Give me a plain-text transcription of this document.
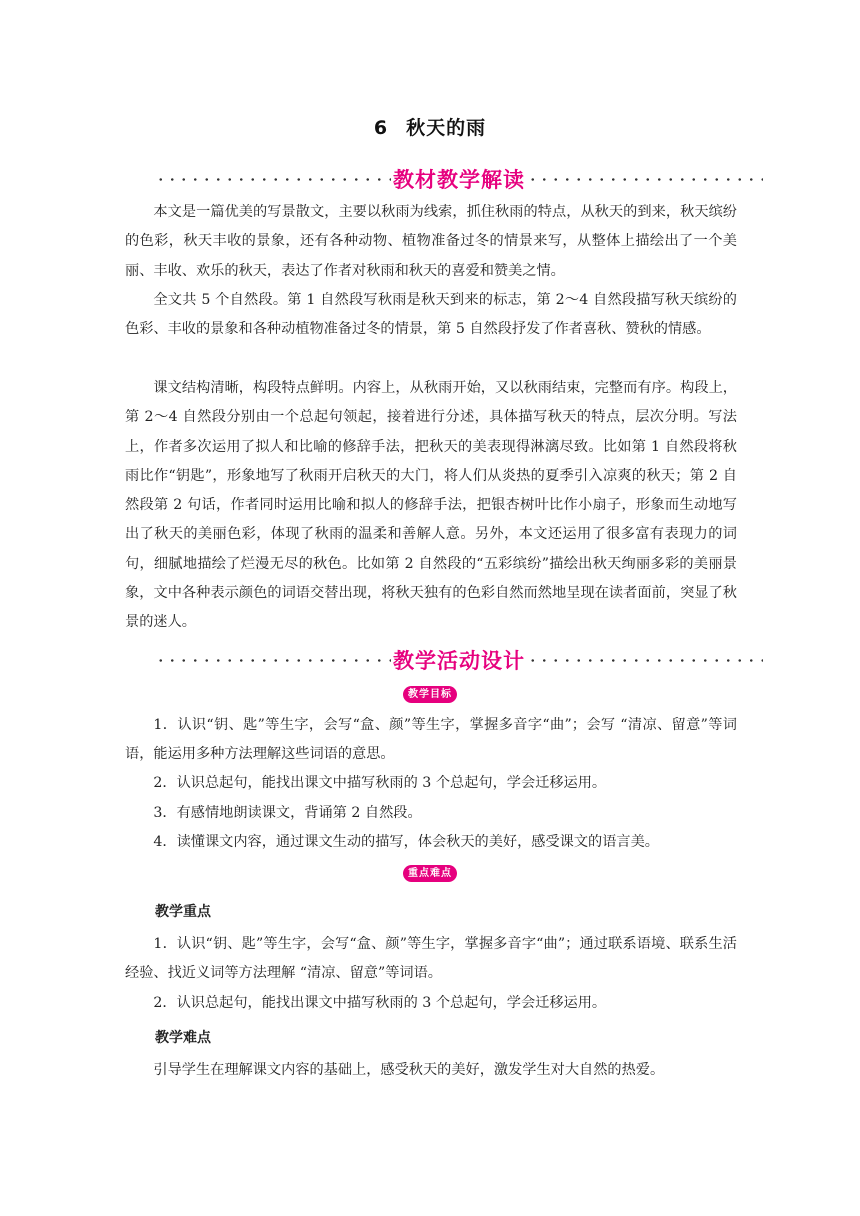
6 秋天的雨
教材教学解读

本文是一篇优美的写景散文，主要以秋雨为线索，抓住秋雨的特点，从秋天的到来，秋天缤纷的色彩，秋天丰收的景象，还有各种动物、植物准备过冬的情景来写，从整体上描绘出了一个美丽、丰收、欢乐的秋天，表达了作者对秋雨和秋天的喜爱和赞美之情。

全文共 5 个自然段。第 1 自然段写秋雨是秋天到来的标志，第 2～4 自然段描写秋天缤纷的色彩、丰收的景象和各种动植物准备过冬的情景，第 5 自然段抒发了作者喜秋、赞秋的情感。

课文结构清晰，构段特点鲜明。内容上，从秋雨开始，又以秋雨结束，完整而有序。构段上，第 2～4 自然段分别由一个总起句领起，接着进行分述，具体描写秋天的特点，层次分明。写法上，作者多次运用了拟人和比喻的修辞手法，把秋天的美表现得淋漓尽致。比如第 1 自然段将秋雨比作“钥匙”，形象地写了秋雨开启秋天的大门，将人们从炎热的夏季引入凉爽的秋天；第 2 自然段第 2 句话，作者同时运用比喻和拟人的修辞手法，把银杏树叶比作小扇子，形象而生动地写出了秋天的美丽色彩，体现了秋雨的温柔和善解人意。另外，本文还运用了很多富有表现力的词句，细腻地描绘了烂漫无尽的秋色。比如第 2 自然段的“五彩缤纷”描绘出秋天绚丽多彩的美丽景象，文中各种表示颜色的词语交替出现，将秋天独有的色彩自然而然地呈现在读者面前，突显了秋景的迷人。

教学活动设计
教学目标

1．认识“钥、匙”等生字，会写“盒、颜”等生字，掌握多音字“曲”；会写 “清凉、留意”等词语，能运用多种方法理解这些词语的意思。

2．认识总起句，能找出课文中描写秋雨的 3 个总起句，学会迁移运用。

3．有感情地朗读课文，背诵第 2 自然段。

4．读懂课文内容，通过课文生动的描写，体会秋天的美好，感受课文的语言美。

重点难点
教学重点

1．认识“钥、匙”等生字，会写“盒、颜”等生字，掌握多音字“曲”；通过联系语境、联系生活经验、找近义词等方法理解 “清凉、留意”等词语。

2．认识总起句，能找出课文中描写秋雨的 3 个总起句，学会迁移运用。

教学难点

引导学生在理解课文内容的基础上，感受秋天的美好，激发学生对大自然的热爱。
